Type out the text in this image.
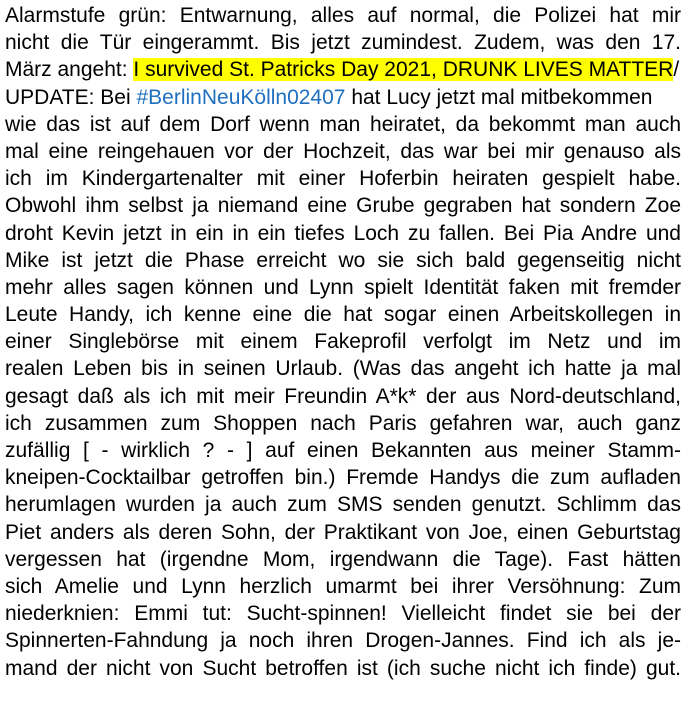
Alarmstufe grün: Entwarnung, alles auf normal, die Polizei hat mir
nicht die Tür eingerammt. Bis jetzt zumindest. Zudem, was den 17.
März angeht: I survived St. Patricks Day 2021, DRUNK LIVES MATTER/
UPDATE: Bei #BerlinNeuKölln02407 hat Lucy jetzt mal mitbekommen
wie das ist auf dem Dorf wenn man heiratet, da bekommt man auch
mal eine reingehauen vor der Hochzeit, das war bei mir genauso als
ich im Kindergartenalter mit einer Hoferbin heiraten gespielt habe.
Obwohl ihm selbst ja niemand eine Grube gegraben hat sondern Zoe
droht Kevin jetzt in ein in ein tiefes Loch zu fallen. Bei Pia Andre und
Mike ist jetzt die Phase erreicht wo sie sich bald gegenseitig nicht
mehr alles sagen können und Lynn spielt Identität faken mit fremder
Leute Handy, ich kenne eine die hat sogar einen Arbeitskollegen in
einer Singlebörse mit einem Fakeprofil verfolgt im Netz und im
realen Leben bis in seinen Urlaub. (Was das angeht ich hatte ja mal
gesagt daß als ich mit meir Freundin A*k* der aus Nord-deutschland,
ich zusammen zum Shoppen nach Paris gefahren war, auch ganz
zufällig [ - wirklich ? - ] auf einen Bekannten aus meiner Stamm-
kneipen-Cocktailbar getroffen bin.) Fremde Handys die zum aufladen
herumlagen wurden ja auch zum SMS senden genutzt. Schlimm das
Piet anders als deren Sohn, der Praktikant von Joe, einen Geburtstag
vergessen hat (irgendne Mom, irgendwann die Tage). Fast hätten
sich Amelie und Lynn herzlich umarmt bei ihrer Versöhnung: Zum
niederknien: Emmi tut: Sucht-spinnen! Vielleicht findet sie bei der
Spinnerten-Fahndung ja noch ihren Drogen-Jannes. Find ich als je-
mand der nicht von Sucht betroffen ist (ich suche nicht ich finde) gut.
